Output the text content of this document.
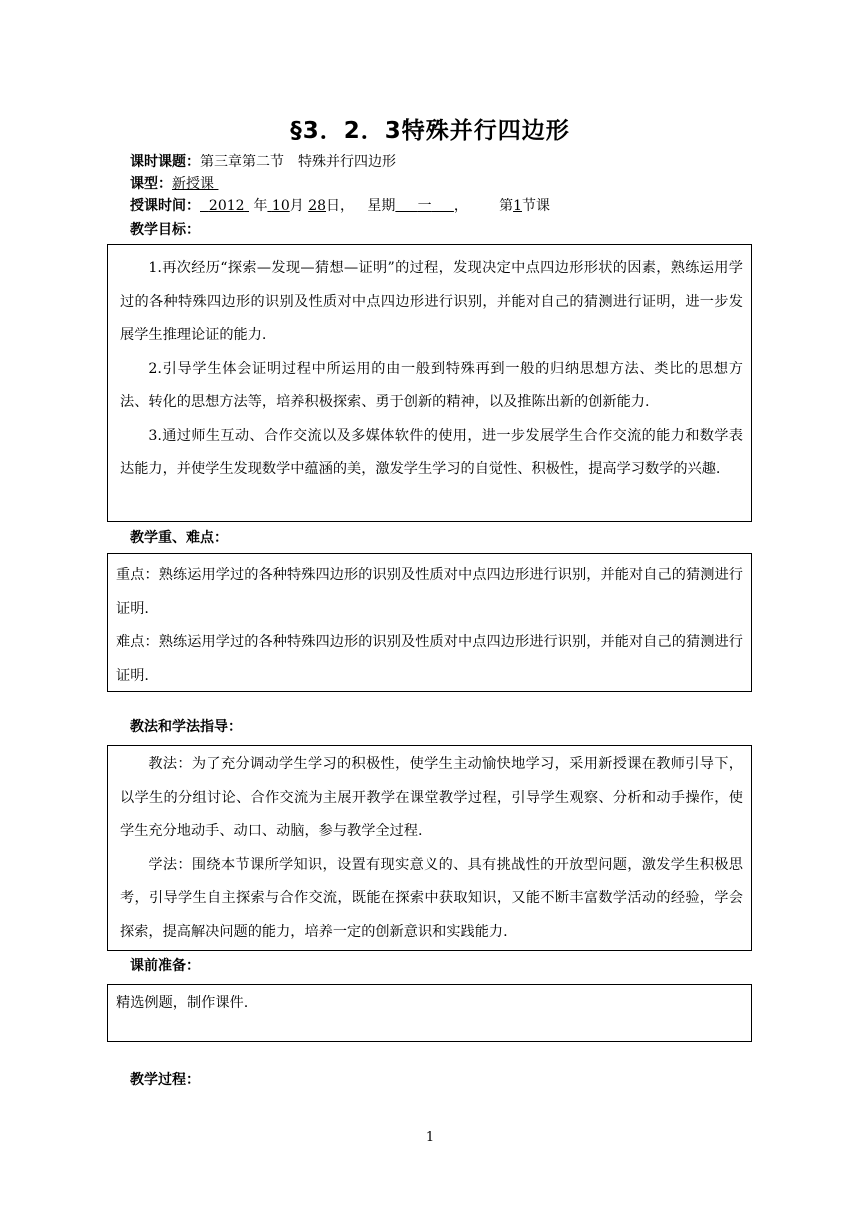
§3．2．3特殊并行四边形
课时课题：第三章第二节　特殊并行四边形
课型：新授课
授课时间： 2012 年 10月 28日， 星期 一 ， 第1节课
教学目标：

1.再次经历“探索—发现—猜想—证明”的过程，发现决定中点四边形形状的因素，熟练运用学过的各种特殊四边形的识别及性质对中点四边形进行识别，并能对自己的猜测进行证明，进一步发展学生推理论证的能力.

2.引导学生体会证明过程中所运用的由一般到特殊再到一般的归纳思想方法、类比的思想方法、转化的思想方法等，培养积极探索、勇于创新的精神，以及推陈出新的创新能力.

3.通过师生互动、合作交流以及多媒体软件的使用，进一步发展学生合作交流的能力和数学表达能力，并使学生发现数学中蕴涵的美，激发学生学习的自觉性、积极性，提高学习数学的兴趣.

教学重、难点：

重点：熟练运用学过的各种特殊四边形的识别及性质对中点四边形进行识别，并能对自己的猜测进行证明.

难点：熟练运用学过的各种特殊四边形的识别及性质对中点四边形进行识别，并能对自己的猜测进行证明.

教法和学法指导：

教法：为了充分调动学生学习的积极性，使学生主动愉快地学习，采用新授课在教师引导下，以学生的分组讨论、合作交流为主展开教学在课堂教学过程，引导学生观察、分析和动手操作，使学生充分地动手、动口、动脑，参与教学全过程.

学法：围绕本节课所学知识，设置有现实意义的、具有挑战性的开放型问题，激发学生积极思考，引导学生自主探索与合作交流，既能在探索中获取知识，又能不断丰富数学活动的经验，学会探索，提高解决问题的能力，培养一定的创新意识和实践能力.

课前准备：

精选例题，制作课件.

教学过程：
1
